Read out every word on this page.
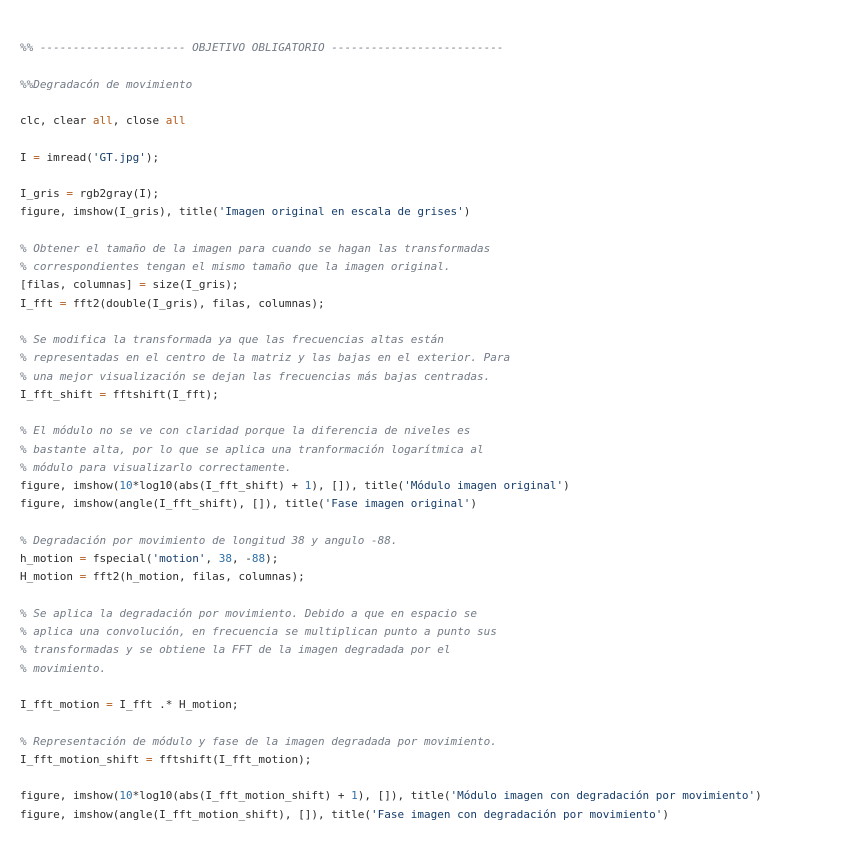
%% ---------------------- OBJETIVO OBLIGATORIO --------------------------

%%Degradacón de movimiento

clc, clear all, close all

I = imread('GT.jpg');

I_gris = rgb2gray(I);
figure, imshow(I_gris), title('Imagen original en escala de grises')

% Obtener el tamaño de la imagen para cuando se hagan las transformadas
% correspondientes tengan el mismo tamaño que la imagen original.
[filas, columnas] = size(I_gris);
I_fft = fft2(double(I_gris), filas, columnas);

% Se modifica la transformada ya que las frecuencias altas están
% representadas en el centro de la matriz y las bajas en el exterior. Para
% una mejor visualización se dejan las frecuencias más bajas centradas.
I_fft_shift = fftshift(I_fft);

% El módulo no se ve con claridad porque la diferencia de niveles es
% bastante alta, por lo que se aplica una tranformación logarítmica al
% módulo para visualizarlo correctamente.
figure, imshow(10*log10(abs(I_fft_shift) + 1), []), title('Módulo imagen original')
figure, imshow(angle(I_fft_shift), []), title('Fase imagen original')

% Degradación por movimiento de longitud 38 y angulo -88.
h_motion = fspecial('motion', 38, -88);
H_motion = fft2(h_motion, filas, columnas);

% Se aplica la degradación por movimiento. Debido a que en espacio se
% aplica una convolución, en frecuencia se multiplican punto a punto sus
% transformadas y se obtiene la FFT de la imagen degradada por el
% movimiento.

I_fft_motion = I_fft .* H_motion;

% Representación de módulo y fase de la imagen degradada por movimiento.
I_fft_motion_shift = fftshift(I_fft_motion);

figure, imshow(10*log10(abs(I_fft_motion_shift) + 1), []), title('Módulo imagen con degradación por movimiento')
figure, imshow(angle(I_fft_motion_shift), []), title('Fase imagen con degradación por movimiento')
